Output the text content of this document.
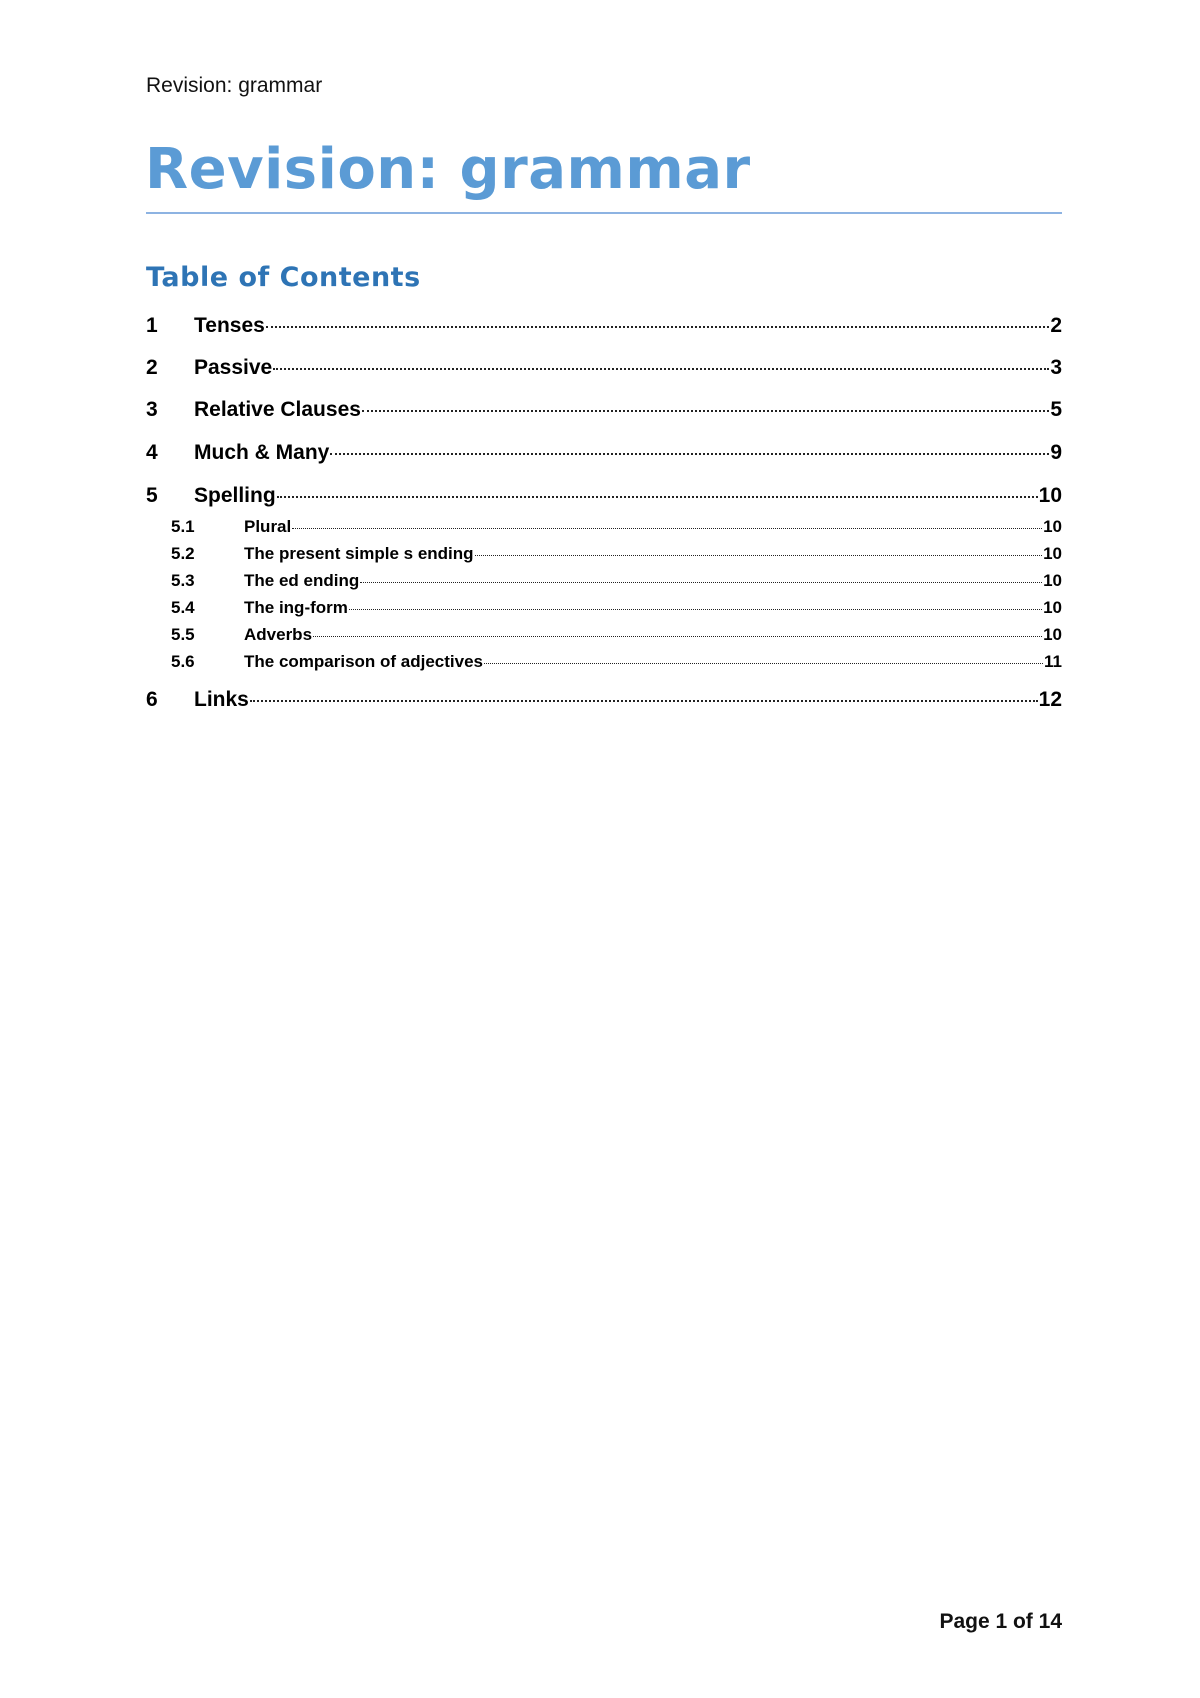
Revision: grammar
Revision: grammar
Table of Contents
1	Tenses	2
2	Passive	3
3	Relative Clauses	5
4	Much & Many	9
5	Spelling	10
5.1	Plural	10
5.2	The present simple s ending	10
5.3	The ed ending	10
5.4	The ing-form	10
5.5	Adverbs	10
5.6	The comparison of adjectives	11
6	Links	12
Page 1 of 14
